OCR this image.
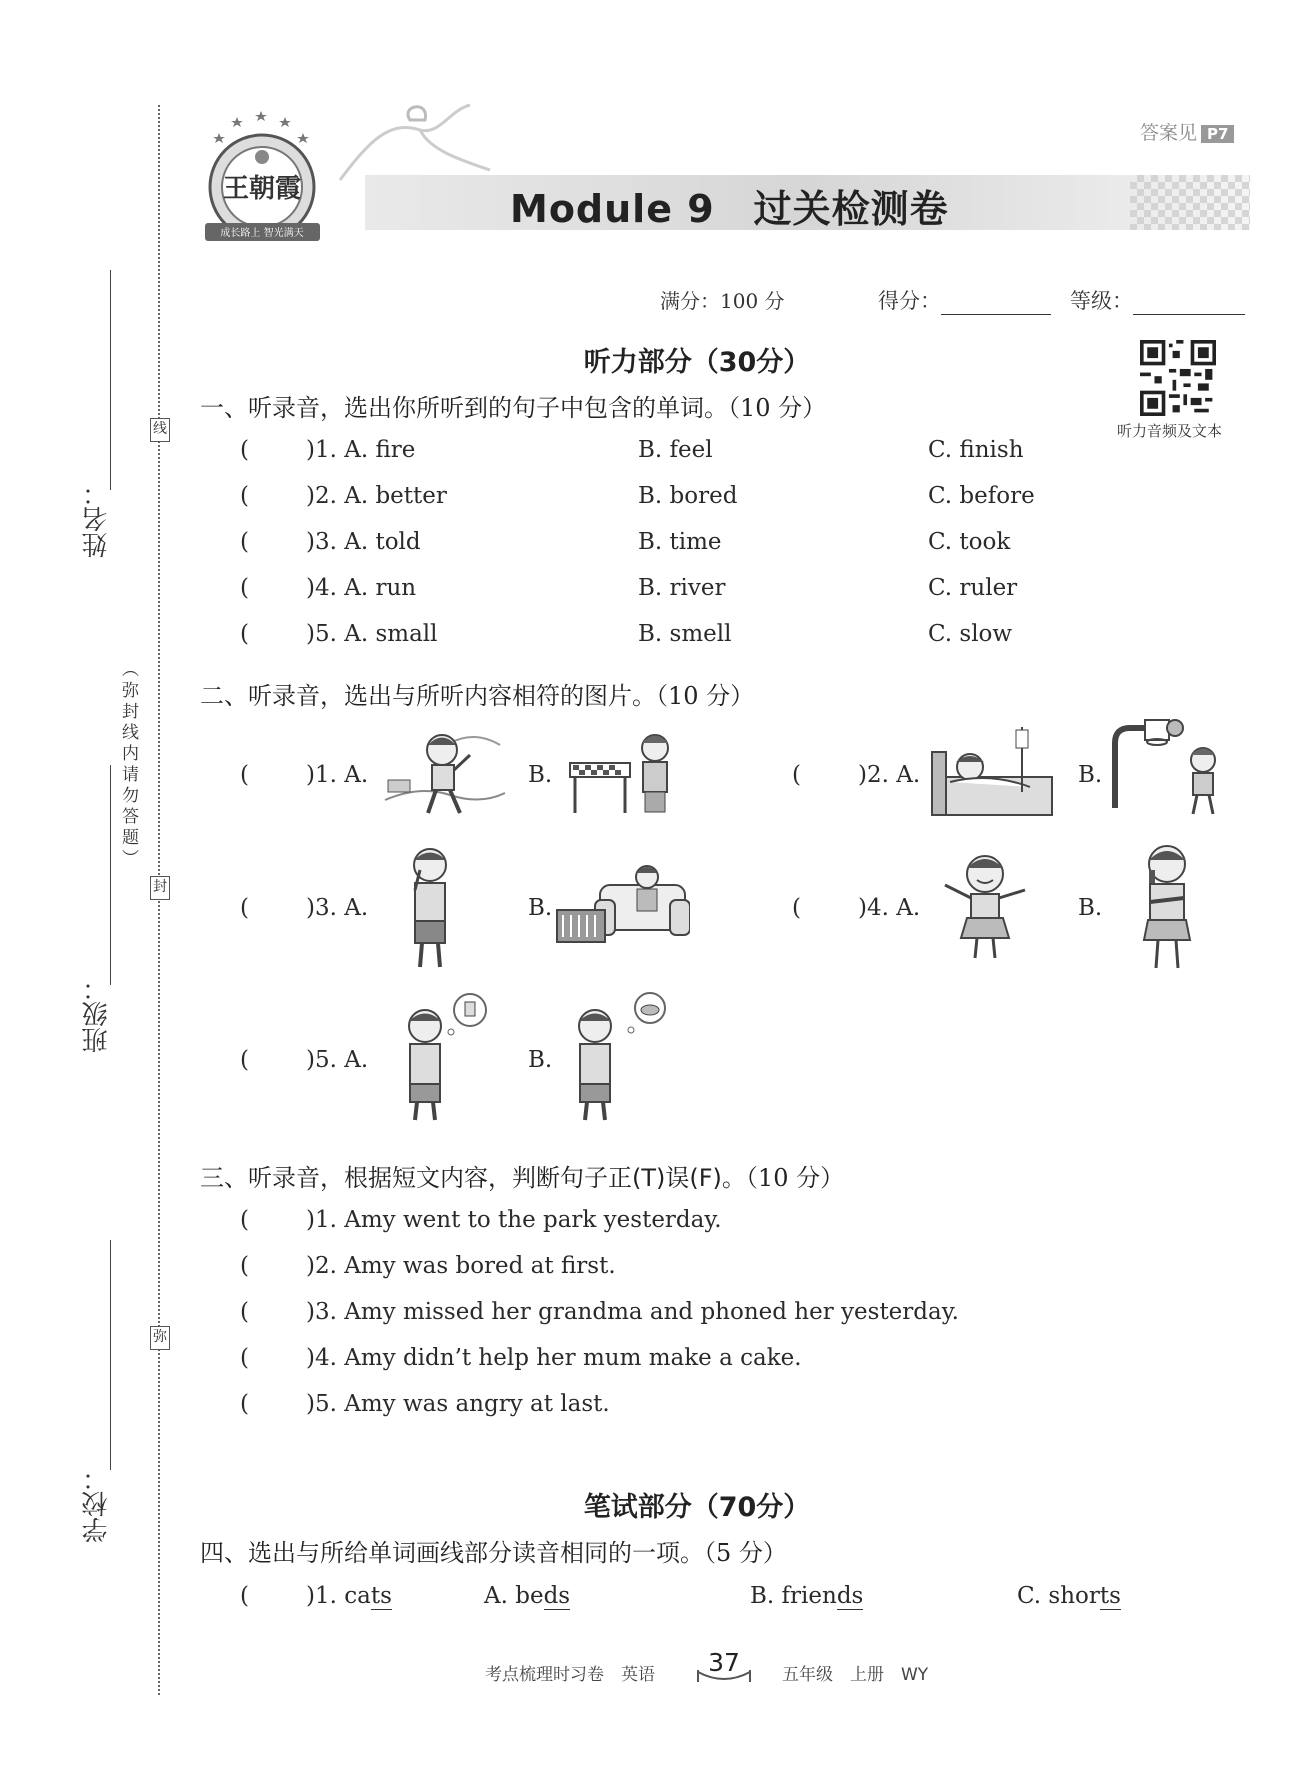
姓名：
班级：
学校：
线
封
弥
（弥封线内请勿答题）
王朝霞
成长路上 智光满天
Module 9　过关检测卷
答案见 P7
满分：100 分	得分：	等级：
听力音频及文本
听力部分（30分）
一、听录音，选出你所听到的句子中包含的单词。（10 分）
( )1. A. fire	B. feel	C. finish
( )2. A. better	B. bored	C. before
( )3. A. told	B. time	C. took
( )4. A. run	B. river	C. ruler
( )5. A. small	B. smell	C. slow
二、听录音，选出与所听内容相符的图片。（10 分）
( )1. A.	B.	( )2. A.	B.
( )3. A.	B.	( )4. A.	B.
( )5. A.	B.
三、听录音，根据短文内容，判断句子正(T)误(F)。（10 分）
( )1. Amy went to the park yesterday.
( )2. Amy was bored at first.
( )3. Amy missed her grandma and phoned her yesterday.
( )4. Amy didn’t help her mum make a cake.
( )5. Amy was angry at last.
笔试部分（70分）
四、选出与所给单词画线部分读音相同的一项。（5 分）
( )1. cats	A. beds	B. friends	C. shorts
考点梳理时习卷　英语	37	五年级　上册　WY
